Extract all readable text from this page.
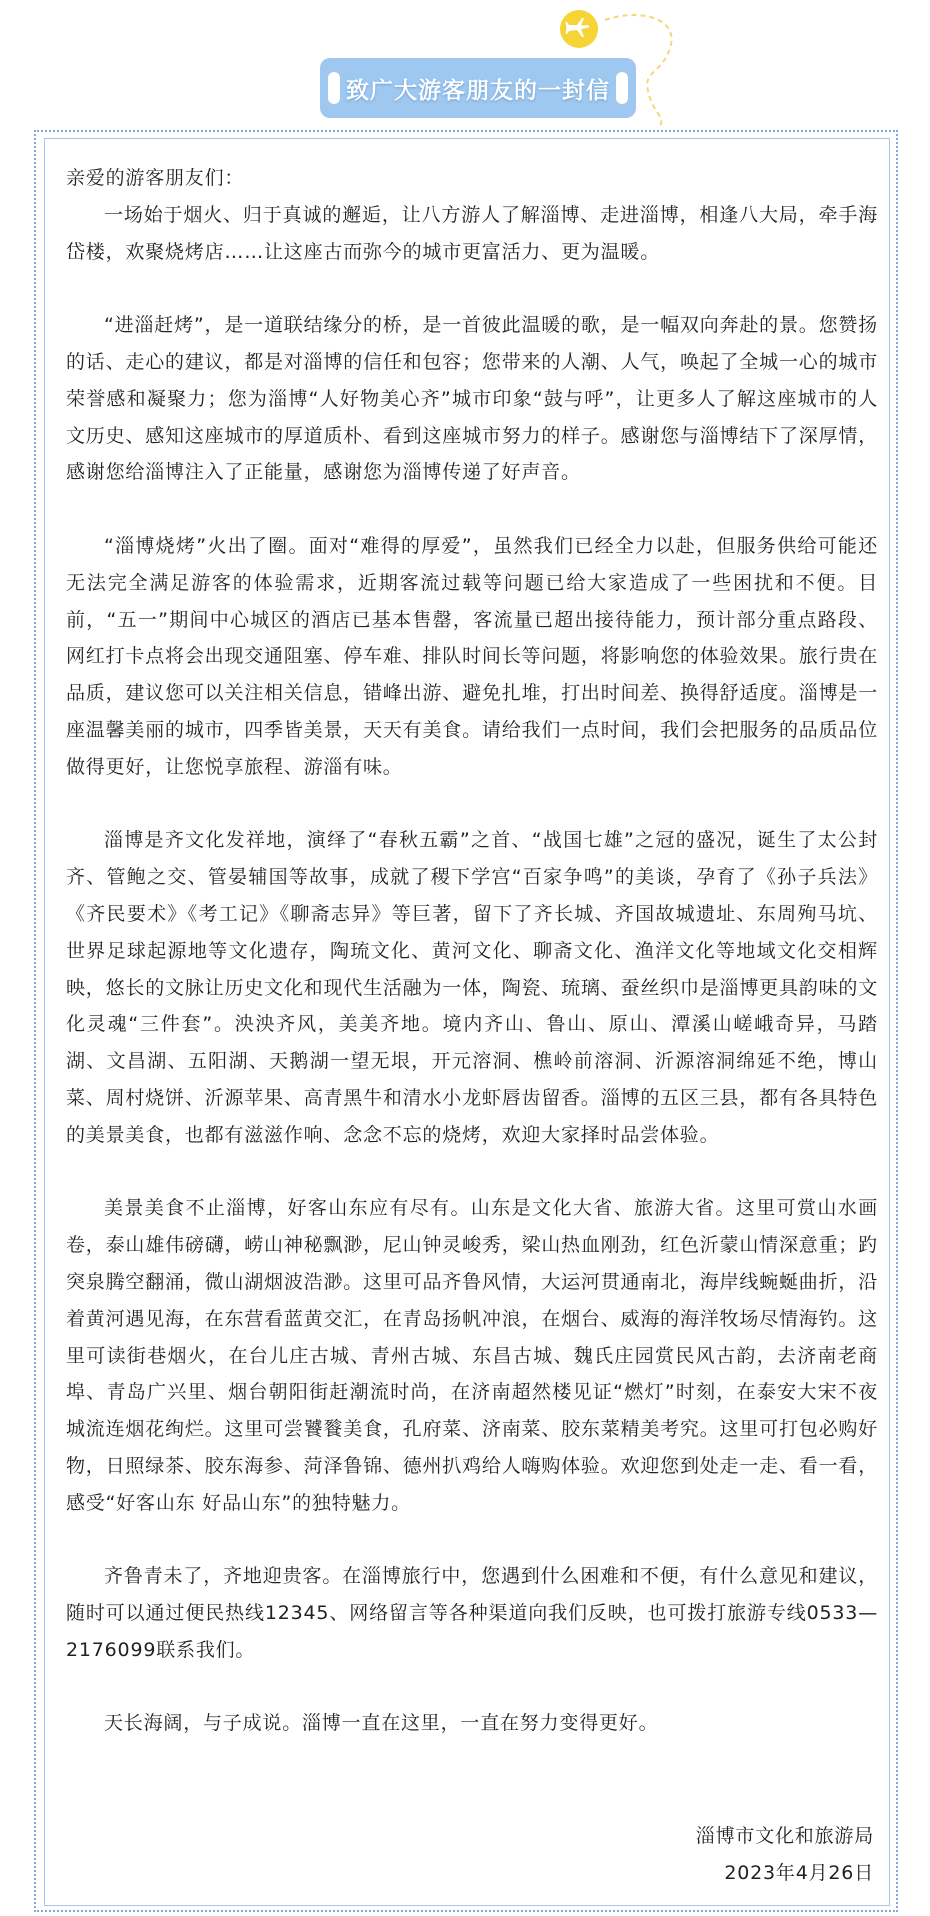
致广大游客朋友的一封信

亲爱的游客朋友们：

一场始于烟火、归于真诚的邂逅，让八方游人了解淄博、走进淄博，相逢八大局，牵手海岱楼，欢聚烧烤店……让这座古而弥今的城市更富活力、更为温暖。

“进淄赶烤”，是一道联结缘分的桥，是一首彼此温暖的歌，是一幅双向奔赴的景。您赞扬的话、走心的建议，都是对淄博的信任和包容；您带来的人潮、人气，唤起了全城一心的城市荣誉感和凝聚力；您为淄博“人好物美心齐”城市印象“鼓与呼”，让更多人了解这座城市的人文历史、感知这座城市的厚道质朴、看到这座城市努力的样子。感谢您与淄博结下了深厚情，感谢您给淄博注入了正能量，感谢您为淄博传递了好声音。

“淄博烧烤”火出了圈。面对“难得的厚爱”，虽然我们已经全力以赴，但服务供给可能还无法完全满足游客的体验需求，近期客流过载等问题已给大家造成了一些困扰和不便。目前，“五一”期间中心城区的酒店已基本售罄，客流量已超出接待能力，预计部分重点路段、网红打卡点将会出现交通阻塞、停车难、排队时间长等问题，将影响您的体验效果。旅行贵在品质，建议您可以关注相关信息，错峰出游、避免扎堆，打出时间差、换得舒适度。淄博是一座温馨美丽的城市，四季皆美景，天天有美食。请给我们一点时间，我们会把服务的品质品位做得更好，让您悦享旅程、游淄有味。

淄博是齐文化发祥地，演绎了“春秋五霸”之首、“战国七雄”之冠的盛况，诞生了太公封齐、管鲍之交、管晏辅国等故事，成就了稷下学宫“百家争鸣”的美谈，孕育了《孙子兵法》《齐民要术》《考工记》《聊斋志异》等巨著，留下了齐长城、齐国故城遗址、东周殉马坑、世界足球起源地等文化遗存，陶琉文化、黄河文化、聊斋文化、渔洋文化等地域文化交相辉映，悠长的文脉让历史文化和现代生活融为一体，陶瓷、琉璃、蚕丝织巾是淄博更具韵味的文化灵魂“三件套”。泱泱齐风，美美齐地。境内齐山、鲁山、原山、潭溪山嵯峨奇异，马踏湖、文昌湖、五阳湖、天鹅湖一望无垠，开元溶洞、樵岭前溶洞、沂源溶洞绵延不绝，博山菜、周村烧饼、沂源苹果、高青黑牛和清水小龙虾唇齿留香。淄博的五区三县，都有各具特色的美景美食，也都有滋滋作响、念念不忘的烧烤，欢迎大家择时品尝体验。

美景美食不止淄博，好客山东应有尽有。山东是文化大省、旅游大省。这里可赏山水画卷，泰山雄伟磅礴，崂山神秘飘渺，尼山钟灵峻秀，梁山热血刚劲，红色沂蒙山情深意重；趵突泉腾空翻涌，微山湖烟波浩渺。这里可品齐鲁风情，大运河贯通南北，海岸线蜿蜒曲折，沿着黄河遇见海，在东营看蓝黄交汇，在青岛扬帆冲浪，在烟台、威海的海洋牧场尽情海钓。这里可读街巷烟火，在台儿庄古城、青州古城、东昌古城、魏氏庄园赏民风古韵，去济南老商埠、青岛广兴里、烟台朝阳街赶潮流时尚，在济南超然楼见证“燃灯”时刻，在泰安大宋不夜城流连烟花绚烂。这里可尝饕餮美食，孔府菜、济南菜、胶东菜精美考究。这里可打包必购好物，日照绿茶、胶东海参、菏泽鲁锦、德州扒鸡给人嗨购体验。欢迎您到处走一走、看一看，感受“好客山东 好品山东”的独特魅力。

齐鲁青未了，齐地迎贵客。在淄博旅行中，您遇到什么困难和不便，有什么意见和建议，随时可以通过便民热线12345、网络留言等各种渠道向我们反映，也可拨打旅游专线0533—2176099联系我们。

天长海阔，与子成说。淄博一直在这里，一直在努力变得更好。

淄博市文化和旅游局
2023年4月26日
